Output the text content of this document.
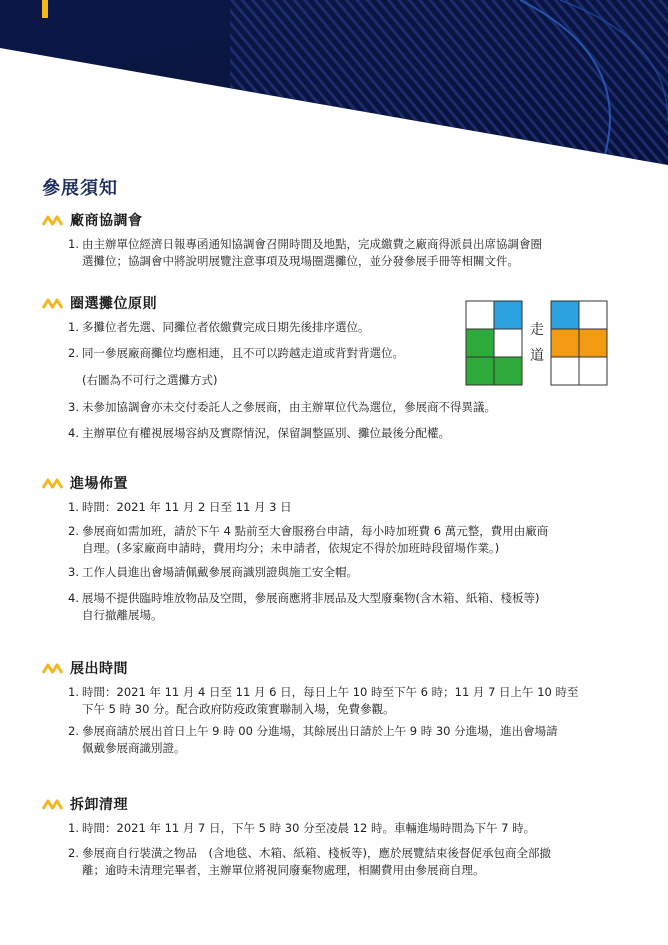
參展須知
廠商協調會
1. 由主辦單位經濟日報專函通知協調會召開時間及地點，完成繳費之廠商得派員出席協調會圈
選攤位；協調會中將說明展覽注意事項及現場圈選攤位，並分發參展手冊等相關文件。
圈選攤位原則
1. 多攤位者先選、同攤位者依繳費完成日期先後排序選位。
2. 同一參展廠商攤位均應相連，且不可以跨越走道或背對背選位。
(右圖為不可行之選攤方式)
3. 未參加協調會亦未交付委託人之參展商，由主辦單位代為選位，參展商不得異議。
4. 主辦單位有權視展場容納及實際情況，保留調整區別、攤位最後分配權。
走
道
進場佈置
1. 時間：2021 年 11 月 2 日至 11 月 3 日
2. 參展商如需加班，請於下午 4 點前至大會服務台申請，每小時加班費 6 萬元整，費用由廠商
自理。(多家廠商申請時，費用均分；未申請者，依規定不得於加班時段留場作業。)
3. 工作人員進出會場請佩戴參展商識別證與施工安全帽。
4. 展場不提供臨時堆放物品及空間，參展商應將非展品及大型廢棄物(含木箱、紙箱、棧板等)
自行撤離展場。
展出時間
1. 時間：2021 年 11 月 4 日至 11 月 6 日，每日上午 10 時至下午 6 時；11 月 7 日上午 10 時至
下午 5 時 30 分。配合政府防疫政策實聯制入場，免費參觀。
2. 參展商請於展出首日上午 9 時 00 分進場，其餘展出日請於上午 9 時 30 分進場，進出會場請
佩戴參展商識別證。
拆卸清理
1. 時間：2021 年 11 月 7 日，下午 5 時 30 分至凌晨 12 時。車輛進場時間為下午 7 時。
2. 參展商自行裝潢之物品　(含地毯、木箱、紙箱、棧板等)，應於展覽結束後督促承包商全部撤
離；逾時未清理完畢者，主辦單位將視同廢棄物處理，相關費用由參展商自理。
